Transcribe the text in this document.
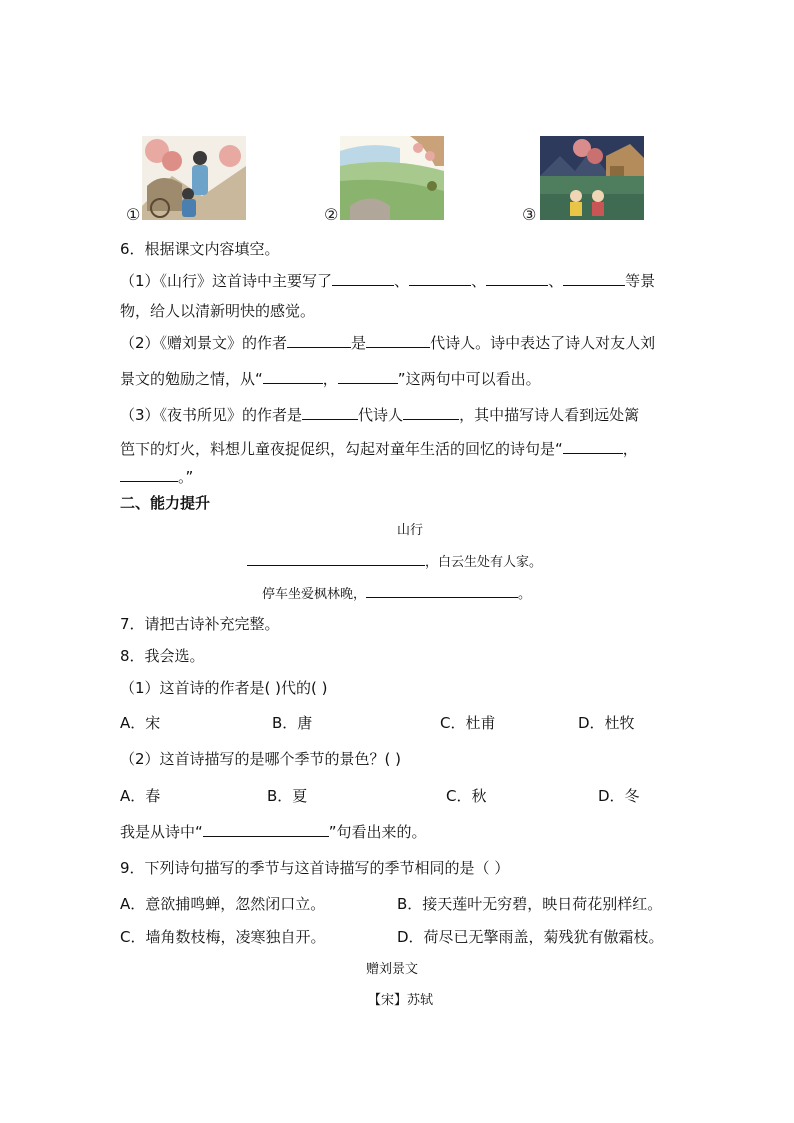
①	②	③
6．根据课文内容填空。
（1）《山行》这首诗中主要写了	、	、	、	等景
物，给人以清新明快的感觉。
（2）《赠刘景文》的作者	是	代诗人。诗中表达了诗人对友人刘
景文的勉励之情，从“	，	”这两句中可以看出。
（3）《夜书所见》的作者是	代诗人	，其中描写诗人看到远处篱
笆下的灯火，料想儿童夜捉促织，勾起对童年生活的回忆的诗句是“	，
。”
二、能力提升
山行
，白云生处有人家。
停车坐爱枫林晚，	。
7．请把古诗补充完整。
8．我会选。
（1）这首诗的作者是( )代的( )
A．宋	B．唐	C．杜甫	D．杜牧
（2）这首诗描写的是哪个季节的景色？( )
A．春	B．夏	C．秋	D．冬
我是从诗中“	”句看出来的。
9．下列诗句描写的季节与这首诗描写的季节相同的是（ ）
A．意欲捕鸣蝉，忽然闭口立。	B．接天莲叶无穷碧，映日荷花别样红。
C．墙角数枝梅，凌寒独自开。	D．荷尽已无擎雨盖，菊残犹有傲霜枝。
赠刘景文
【宋】苏轼
